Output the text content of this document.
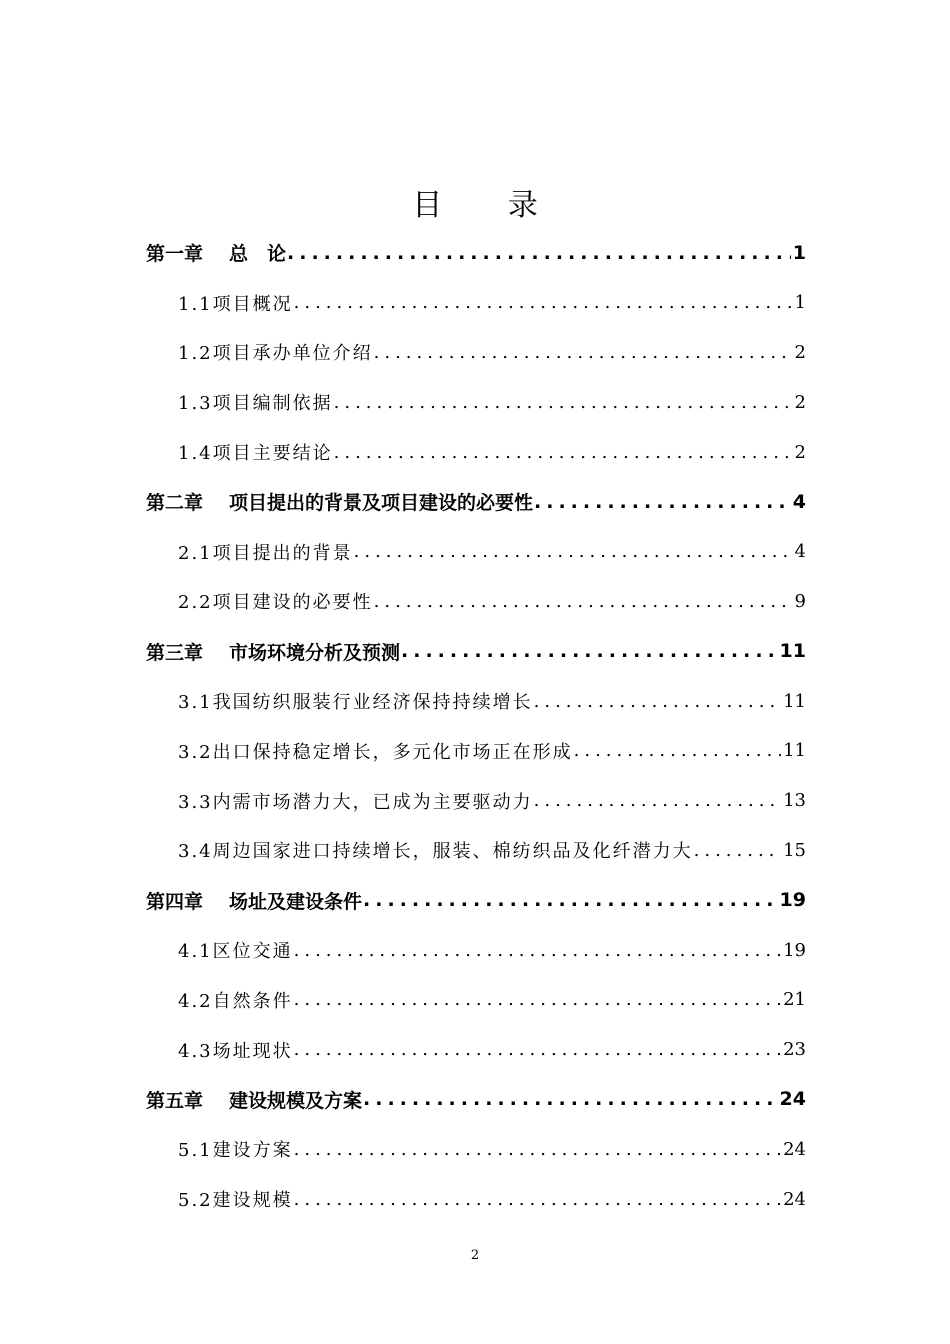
目 录
第一章 总　论 .....	1
1.1项目概况 .....	1
1.2项目承办单位介绍 .....	2
1.3项目编制依据 .....	2
1.4项目主要结论 .....	2
第二章 项目提出的背景及项目建设的必要性 .....	4
2.1项目提出的背景 .....	4
2.2项目建设的必要性 .....	9
第三章 市场环境分析及预测 .....	11
3.1我国纺织服装行业经济保持持续增长 .....	11
3.2出口保持稳定增长，多元化市场正在形成 .....	11
3.3内需市场潜力大，已成为主要驱动力 .....	13
3.4周边国家进口持续增长，服装、棉纺织品及化纤潜力大 .....	15
第四章 场址及建设条件 .....	19
4.1区位交通 .....	19
4.2自然条件 .....	21
4.3场址现状 .....	23
第五章 建设规模及方案 .....	24
5.1建设方案 .....	24
5.2建设规模 .....	24
2
